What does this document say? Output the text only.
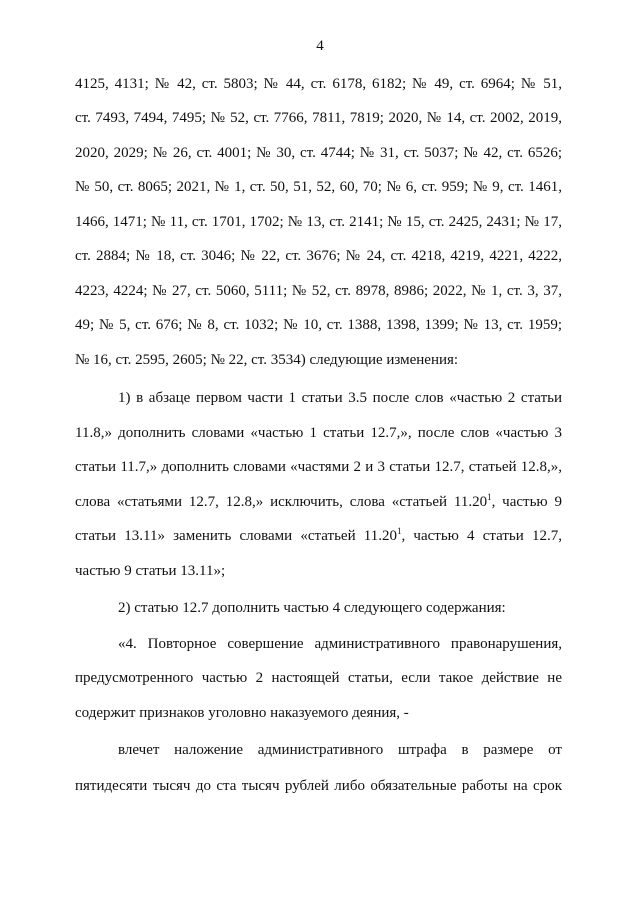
4
4125, 4131; № 42, ст. 5803; № 44, ст. 6178, 6182; № 49, ст. 6964; № 51,
ст. 7493, 7494, 7495; № 52, ст. 7766, 7811, 7819; 2020, № 14, ст. 2002, 2019,
2020, 2029; № 26, ст. 4001; № 30, ст. 4744; № 31, ст. 5037; № 42, ст. 6526;
№ 50, ст. 8065; 2021, № 1, ст. 50, 51, 52, 60, 70; № 6, ст. 959; № 9, ст. 1461,
1466, 1471; № 11, ст. 1701, 1702; № 13, ст. 2141; № 15, ст. 2425, 2431; № 17,
ст. 2884; № 18, ст. 3046; № 22, ст. 3676; № 24, ст. 4218, 4219, 4221, 4222,
4223, 4224; № 27, ст. 5060, 5111; № 52, ст. 8978, 8986; 2022, № 1, ст. 3, 37,
49; № 5, ст. 676; № 8, ст. 1032; № 10, ст. 1388, 1398, 1399; № 13, ст. 1959;
№ 16, ст. 2595, 2605; № 22, ст. 3534) следующие изменения:
1) в абзаце первом части 1 статьи 3.5 после слов «частью 2 статьи
11.8,» дополнить словами «частью 1 статьи 12.7,», после слов «частью 3
статьи 11.7,» дополнить словами «частями 2 и 3 статьи 12.7, статьей 12.8,»,
слова «статьями 12.7, 12.8,» исключить, слова «статьей 11.20$^1$, частью 9
статьи 13.11» заменить словами «статьей 11.20$^1$, частью 4 статьи 12.7,
частью 9 статьи 13.11»;
2) статью 12.7 дополнить частью 4 следующего содержания:
«4. Повторное совершение административного правонарушения,
предусмотренного частью 2 настоящей статьи, если такое действие не
содержит признаков уголовно наказуемого деяния, -
влечет наложение административного штрафа в размере от
пятидесяти тысяч до ста тысяч рублей либо обязательные работы на срок
